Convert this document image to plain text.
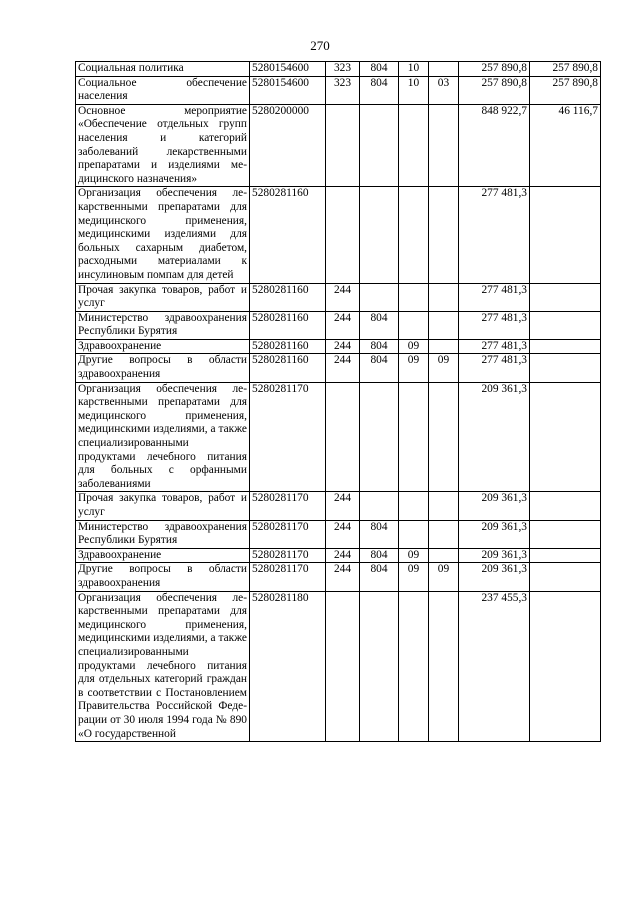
270
Социальная политика	5280154600	323	804	10		257 890,8	257 890,8
Социальное обеспечение населения	5280154600	323	804	10	03	257 890,8	257 890,8
Основное мероприятие «Обеспечение отдельных групп населения и категорий заболеваний лекарственными препаратами и изделиями медицинского назначения»	5280200000					848 922,7	46 116,7
Организация обеспечения лекарственными препаратами для медицинского применения, медицинскими изделиями для больных сахарным диабетом, расходными материалами к инсулиновым помпам для детей	5280281160					277 481,3	
Прочая закупка товаров, работ и услуг	5280281160	244				277 481,3	
Министерство здравоохранения Республики Бурятия	5280281160	244	804			277 481,3	
Здравоохранение	5280281160	244	804	09		277 481,3	
Другие вопросы в области здравоохранения	5280281160	244	804	09	09	277 481,3	
Организация обеспечения лекарственными препаратами для медицинского применения, медицинскими изделиями, а также специализированными продуктами лечебного питания для больных с орфанными заболеваниями	5280281170					209 361,3	
Прочая закупка товаров, работ и услуг	5280281170	244				209 361,3	
Министерство здравоохранения Республики Бурятия	5280281170	244	804			209 361,3	
Здравоохранение	5280281170	244	804	09		209 361,3	
Другие вопросы в области здравоохранения	5280281170	244	804	09	09	209 361,3	
Организация обеспечения лекарственными препаратами для медицинского применения, медицинскими изделиями, а также специализированными продуктами лечебного питания для отдельных категорий граждан в соответствии с Постановлением Правительства Российской Федерации от 30 июля 1994 года № 890 «О государственной	5280281180					237 455,3	
